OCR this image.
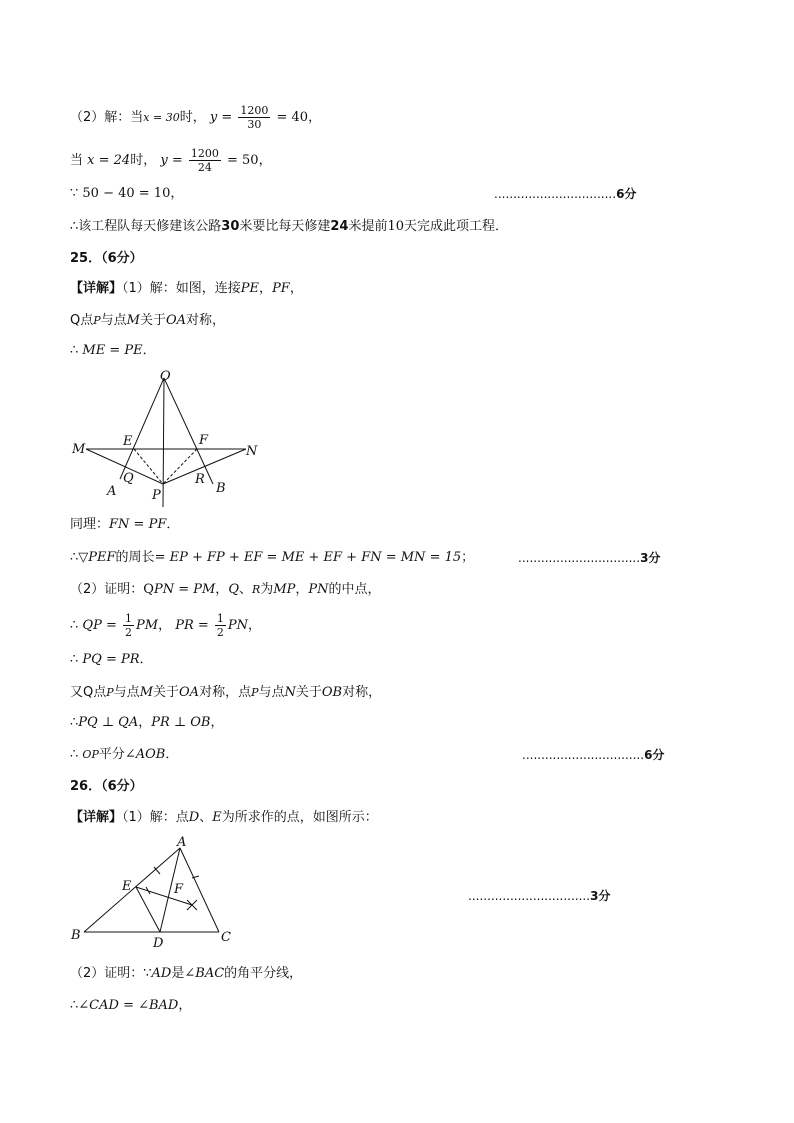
（2）解：当x = 30时， $y = \frac{1200}{30} = 40$，
当 x = 24时， $y = \frac{1200}{24} = 50$，
∵ 50 − 40 = 10，	................................6分
∴该工程队每天修建该公路30米要比每天修建24米提前10天完成此项工程．
25．（6分）
【详解】（1）解：如图，连接PE，PF，
Q点P与点M关于OA对称，
∴ ME = PE．
O
M	N
E	F
A
Q
P
R
B
同理：FN = PF．
∴▽PEF的周长= EP + FP + EF = ME + EF + FN = MN = 15；	................................3分
（2）证明：QPN = PM，Q、R为MP，PN的中点，
∴ QP = $\frac{1}{2}$ PM， PR = $\frac{1}{2}$ PN，
∴ PQ = PR．
又Q点P与点M关于OA对称，点P与点N关于OB对称，
∴PQ ⊥ QA，PR ⊥ OB，
∴ OP平分∠AOB．	................................6分
26．（6分）
【详解】（1）解：点D、E为所求作的点，如图所示：
A
B	C
D
E	F	................................3分
（2）证明：∵AD是∠BAC的角平分线，
∴∠CAD = ∠BAD，
